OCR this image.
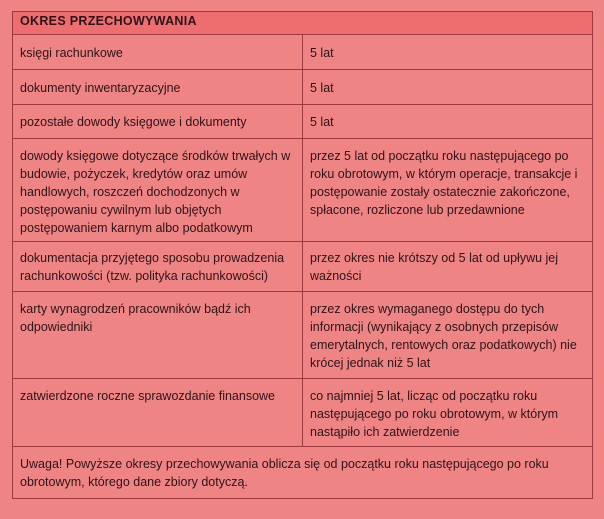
OKRES PRZECHOWYWANIA	
księgi rachunkowe	5 lat
dokumenty inwentaryzacyjne	5 lat
pozostałe dowody księgowe i dokumenty	5 lat
dowody księgowe dotyczące środków trwałych w budowie, pożyczek, kredytów oraz umów handlowych, roszczeń dochodzonych w postępowaniu cywilnym lub objętych postępowaniem karnym albo podatkowym	przez 5 lat od początku roku następującego po roku obrotowym, w którym operacje, transakcje i postępowanie zostały ostatecznie zakończone, spłacone, rozliczone lub przedawnione
dokumentacja przyjętego sposobu prowadzenia rachunkowości (tzw. polityka rachunkowości)	przez okres nie krótszy od 5 lat od upływu jej ważności
karty wynagrodzeń pracowników bądź ich odpowiedniki	przez okres wymaganego dostępu do tych informacji (wynikający z osobnych przepisów emerytalnych, rentowych oraz podatkowych) nie krócej jednak niż 5 lat
zatwierdzone roczne sprawozdanie finansowe	co najmniej 5 lat, licząc od początku roku następującego po roku obrotowym, w którym nastąpiło ich zatwierdzenie
Uwaga! Powyższe okresy przechowywania oblicza się od początku roku następującego po roku obrotowym, którego dane zbiory dotyczą.	
